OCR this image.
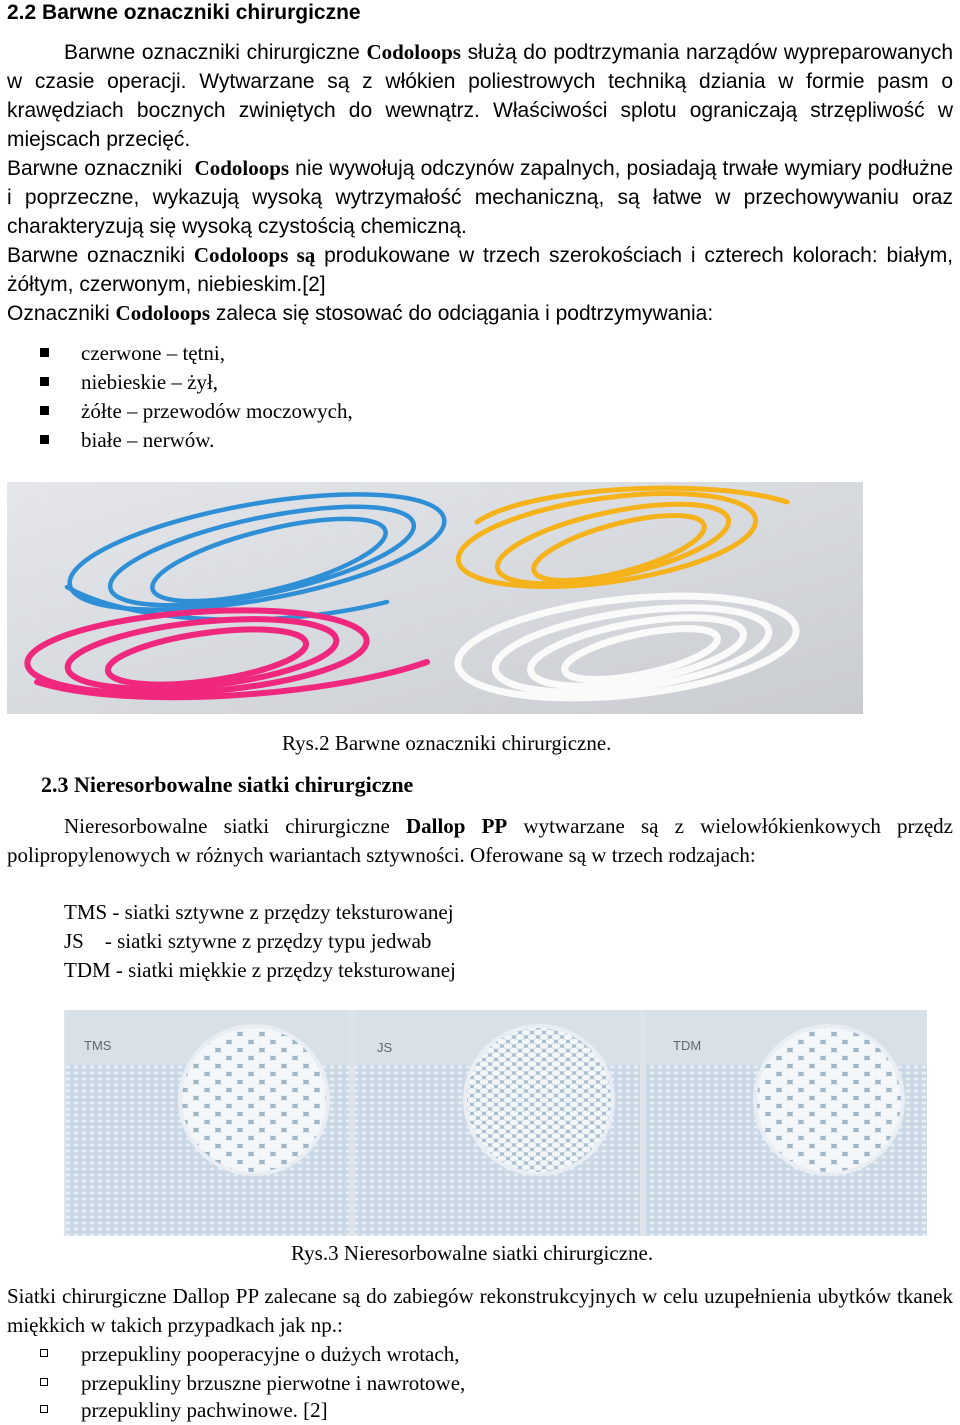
2.2 Barwne oznaczniki chirurgiczne
Barwne oznaczniki chirurgiczne Codoloops służą do podtrzymania narządów wypreparowanych w czasie operacji. Wytwarzane są z włókien poliestrowych techniką dziania w formie pasm o krawędziach bocznych zwiniętych do wewnątrz. Właściwości splotu ograniczają strzępliwość w miejscach przecięć.
Barwne oznaczniki  Codoloops nie wywołują odczynów zapalnych, posiadają trwałe wymiary podłużne i poprzeczne, wykazują wysoką wytrzymałość mechaniczną, są łatwe w przechowywaniu oraz charakteryzują się wysoką czystością chemiczną.
Barwne oznaczniki Codoloops są produkowane w trzech szerokościach i czterech kolorach: białym, żółtym, czerwonym, niebieskim.[2]
Oznaczniki Codoloops zaleca się stosować do odciągania i podtrzymywania:
czerwone – tętni,
niebieskie – żył,
żółte – przewodów moczowych,
białe – nerwów.
Rys.2 Barwne oznaczniki chirurgiczne.
2.3 Nieresorbowalne siatki chirurgiczne
Nieresorbowalne siatki chirurgiczne Dallop PP wytwarzane są z wielowłókienkowych przędz polipropylenowych w różnych wariantach sztywności. Oferowane są w trzech rodzajach:
TMS - siatki sztywne z przędzy teksturowanej
JS    - siatki sztywne z przędzy typu jedwab
TDM - siatki miękkie z przędzy teksturowanej
TMS	JS	TDM
Rys.3 Nieresorbowalne siatki chirurgiczne.
Siatki chirurgiczne Dallop PP zalecane są do zabiegów rekonstrukcyjnych w celu uzupełnienia ubytków tkanek miękkich w takich przypadkach jak np.:
przepukliny pooperacyjne o dużych wrotach,
przepukliny brzuszne pierwotne i nawrotowe,
przepukliny pachwinowe. [2]
